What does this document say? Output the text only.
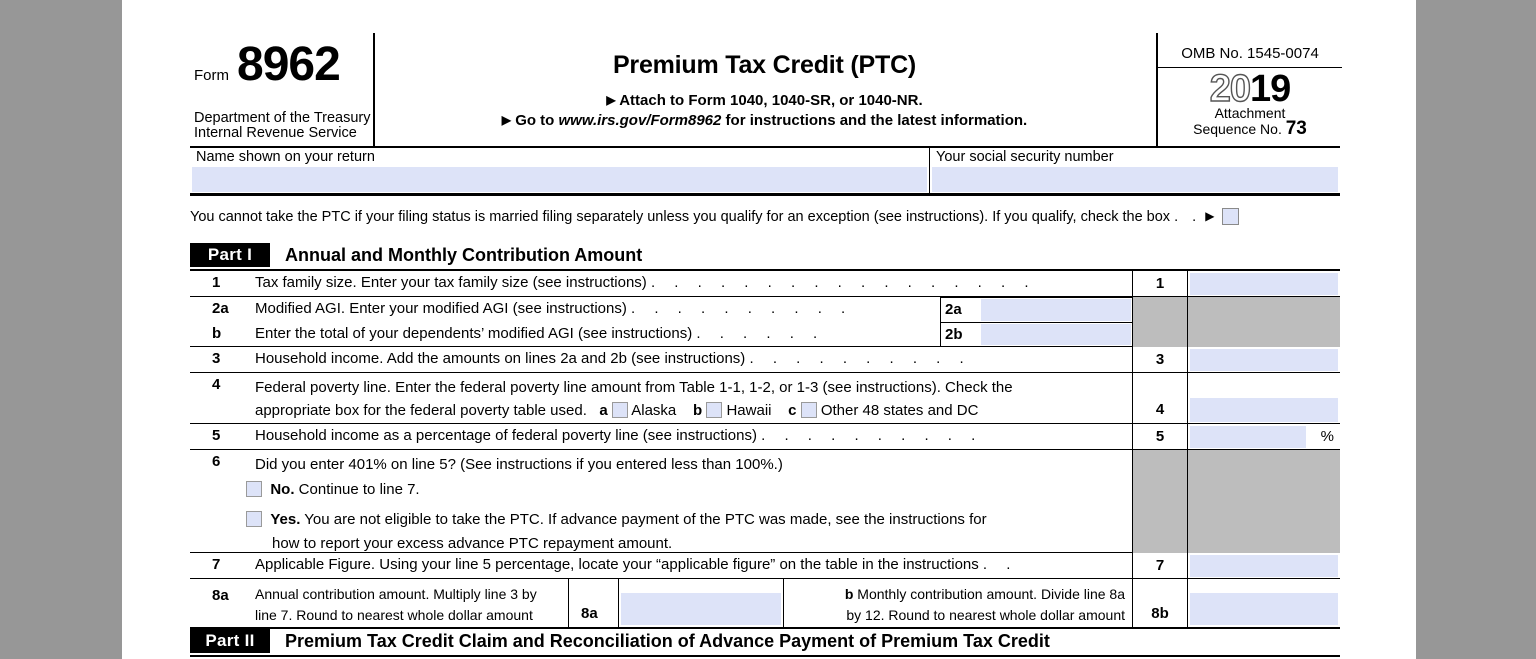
Form 8962
Department of the Treasury
Internal Revenue Service
Premium Tax Credit (PTC)
▶ Attach to Form 1040, 1040-SR, or 1040-NR.
▶ Go to www.irs.gov/Form8962 for instructions and the latest information.
OMB No. 1545-0074
2019
Attachment
Sequence No. 73
Name shown on your return	Your social security number
You cannot take the PTC if your filing status is married filing separately unless you qualify for an exception (see instructions). If you qualify, check the box . . ▶
Part I	Annual and Monthly Contribution Amount
1 Tax family size. Enter your tax family size (see instructions) . . . . . . . . . . . . . . . . .	1
2a Modified AGI. Enter your modified AGI (see instructions) . . . . . . . . . .	2a
b Enter the total of your dependents’ modified AGI (see instructions) . . . . . .	2b
3 Household income. Add the amounts on lines 2a and 2b (see instructions) . . . . . . . . . .	3
4 Federal poverty line. Enter the federal poverty line amount from Table 1-1, 1-2, or 1-3 (see instructions). Check the
appropriate box for the federal poverty table used. a Alaska b Hawaii c Other 48 states and DC	4
5 Household income as a percentage of federal poverty line (see instructions) . . . . . . . . . .	5	%
6 Did you enter 401% on line 5? (See instructions if you entered less than 100%.)
No. Continue to line 7.
Yes. You are not eligible to take the PTC. If advance payment of the PTC was made, see the instructions for
how to report your excess advance PTC repayment amount.
7 Applicable Figure. Using your line 5 percentage, locate your “applicable figure” on the table in the instructions . .	7
8a Annual contribution amount. Multiply line 3 by
line 7. Round to nearest whole dollar amount	8a
b Monthly contribution amount. Divide line 8a
by 12. Round to nearest whole dollar amount	8b
Part II	Premium Tax Credit Claim and Reconciliation of Advance Payment of Premium Tax Credit
